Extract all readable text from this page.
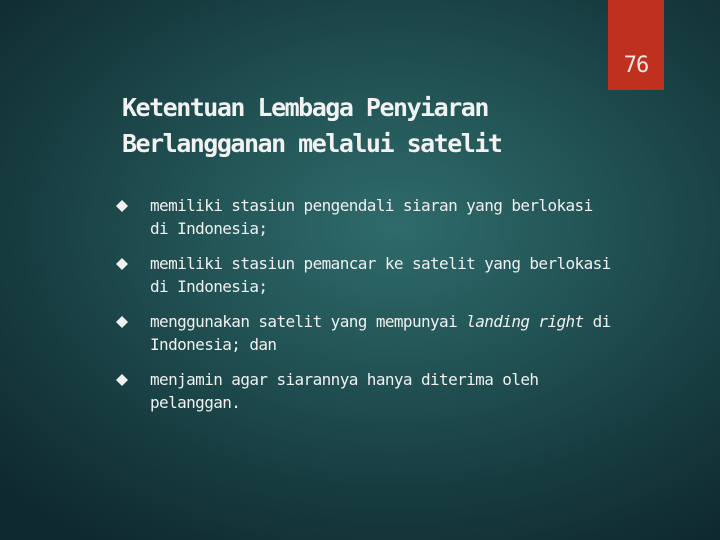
76
Ketentuan Lembaga Penyiaran
Berlangganan melalui satelit
memiliki stasiun pengendali siaran yang berlokasi di Indonesia;
memiliki stasiun pemancar ke satelit yang berlokasi di Indonesia;
menggunakan satelit yang mempunyai landing right di Indonesia; dan
menjamin agar siarannya hanya diterima oleh pelanggan.
